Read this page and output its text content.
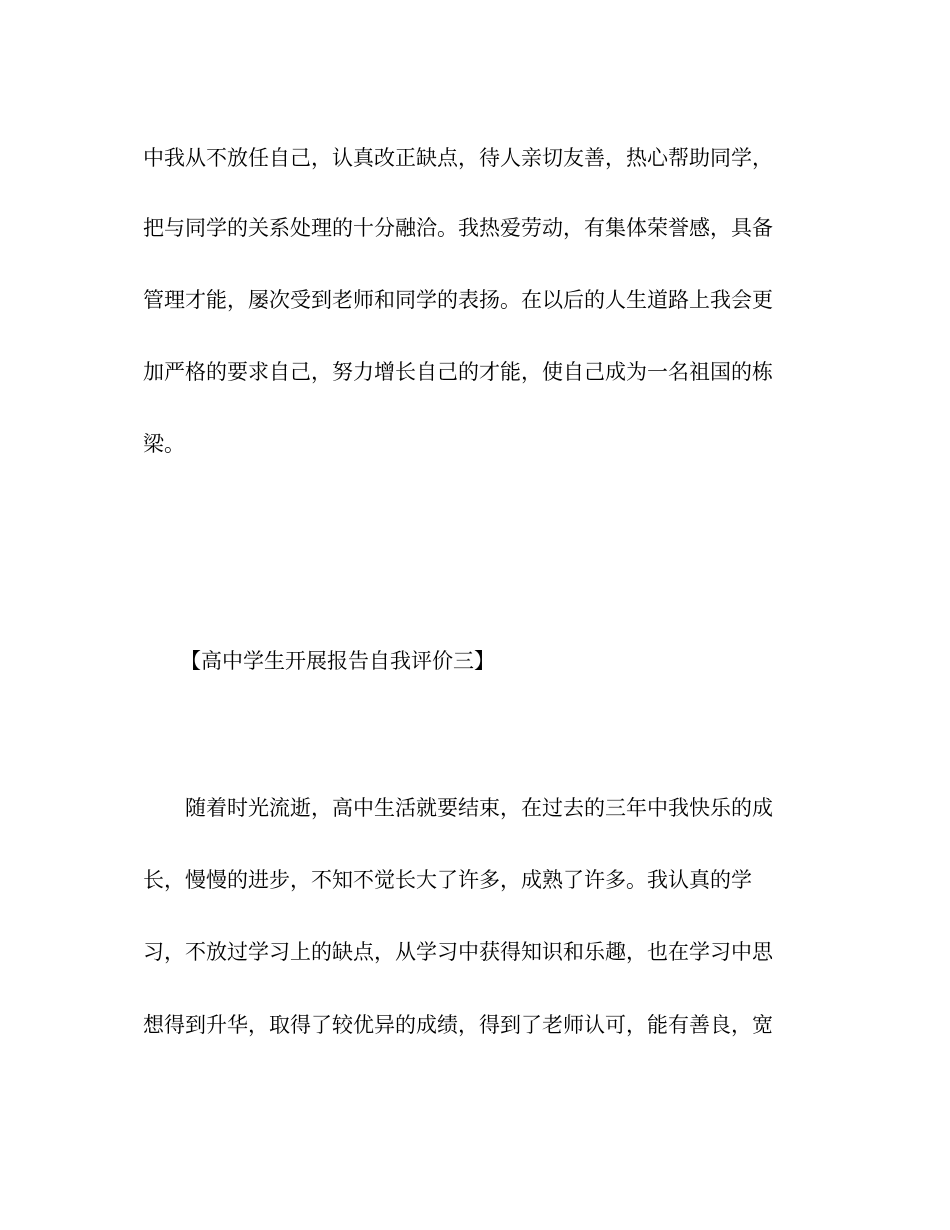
中我从不放任自己，认真改正缺点，待人亲切友善，热心帮助同学，
把与同学的关系处理的十分融洽。我热爱劳动，有集体荣誉感，具备
管理才能，屡次受到老师和同学的表扬。在以后的人生道路上我会更
加严格的要求自己，努力增长自己的才能，使自己成为一名祖国的栋
梁。
【高中学生开展报告自我评价三】
随着时光流逝，高中生活就要结束，在过去的三年中我快乐的成
长，慢慢的进步，不知不觉长大了许多，成熟了许多。我认真的学
习，不放过学习上的缺点，从学习中获得知识和乐趣，也在学习中思
想得到升华，取得了较优异的成绩，得到了老师认可，能有善良，宽
